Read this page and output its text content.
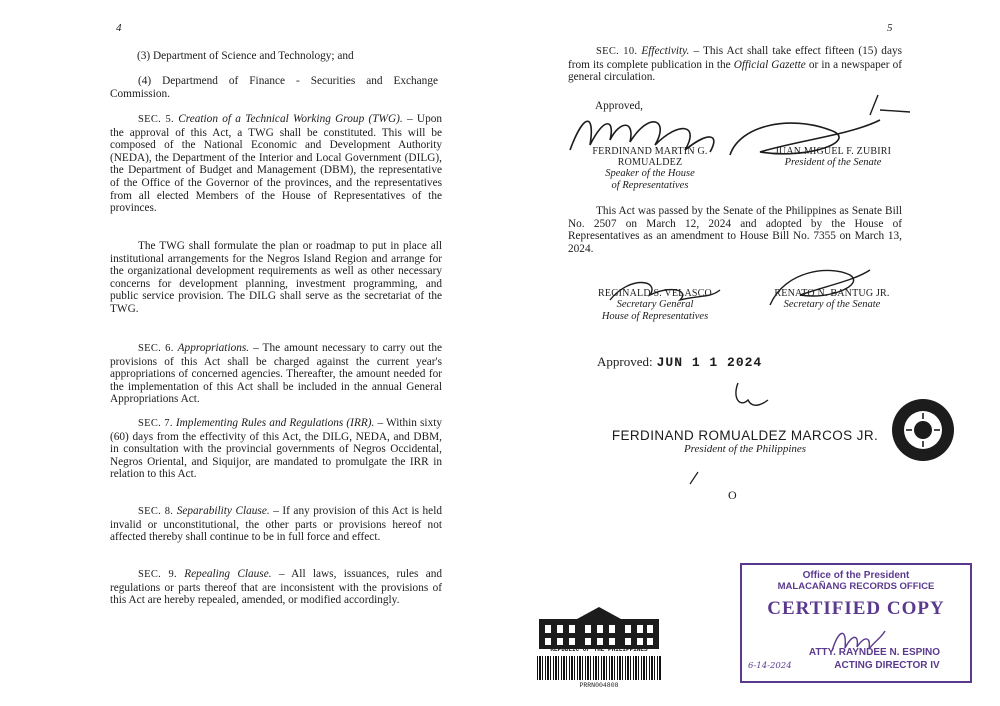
4
(3) Department of Science and Technology; and
(4) Departmend of Finance - Securities and Exchange Commission.
SEC. 5. Creation of a Technical Working Group (TWG). – Upon the approval of this Act, a TWG shall be constituted. This will be composed of the National Economic and Development Authority (NEDA), the Department of the Interior and Local Government (DILG), the Department of Budget and Management (DBM), the representative of the Office of the Governor of the provinces, and the representatives from all elected Members of the House of Representatives of the provinces.
The TWG shall formulate the plan or roadmap to put in place all institutional arrangements for the Negros Island Region and arrange for the organizational development requirements as well as other necessary concerns for development planning, investment programming, and public service provision. The DILG shall serve as the secretariat of the TWG.
SEC. 6. Appropriations. – The amount necessary to carry out the provisions of this Act shall be charged against the current year's appropriations of concerned agencies. Thereafter, the amount needed for the implementation of this Act shall be included in the annual General Appropriations Act.
SEC. 7. Implementing Rules and Regulations (IRR). – Within sixty (60) days from the effectivity of this Act, the DILG, NEDA, and DBM, in consultation with the provincial governments of Negros Occidental, Negros Oriental, and Siquijor, are mandated to promulgate the IRR in relation to this Act.
SEC. 8. Separability Clause. – If any provision of this Act is held invalid or unconstitutional, the other parts or provisions hereof not affected thereby shall continue to be in full force and effect.
SEC. 9. Repealing Clause. – All laws, issuances, rules and regulations or parts thereof that are inconsistent with the provisions of this Act are hereby repealed, amended, or modified accordingly.
5
SEC. 10. Effectivity. – This Act shall take effect fifteen (15) days from its complete publication in the Official Gazette or in a newspaper of general circulation.
Approved,
FERDINAND MARTIN G. ROMUALDEZ
Speaker of the House
of Representatives
JUAN MIGUEL F. ZUBIRI
President of the Senate
This Act was passed by the Senate of the Philippines as Senate Bill No. 2507 on March 12, 2024 and adopted by the House of Representatives as an amendment to House Bill No. 7355 on March 13, 2024.
REGINALD S. VELASCO
Secretary General
House of Representatives
RENATO N. BANTUG JR.
Secretary of the Senate
Approved: JUN 1 1 2024
FERDINAND ROMUALDEZ MARCOS JR.
President of the Philippines
O
REPUBLIC OF THE PHILIPPINES
PRRN004808
Office of the President
MALACAÑANG RECORDS OFFICE
CERTIFIED COPY
ATTY. RAYNDEE N. ESPINO
ACTING DIRECTOR IV
6-14-2024
